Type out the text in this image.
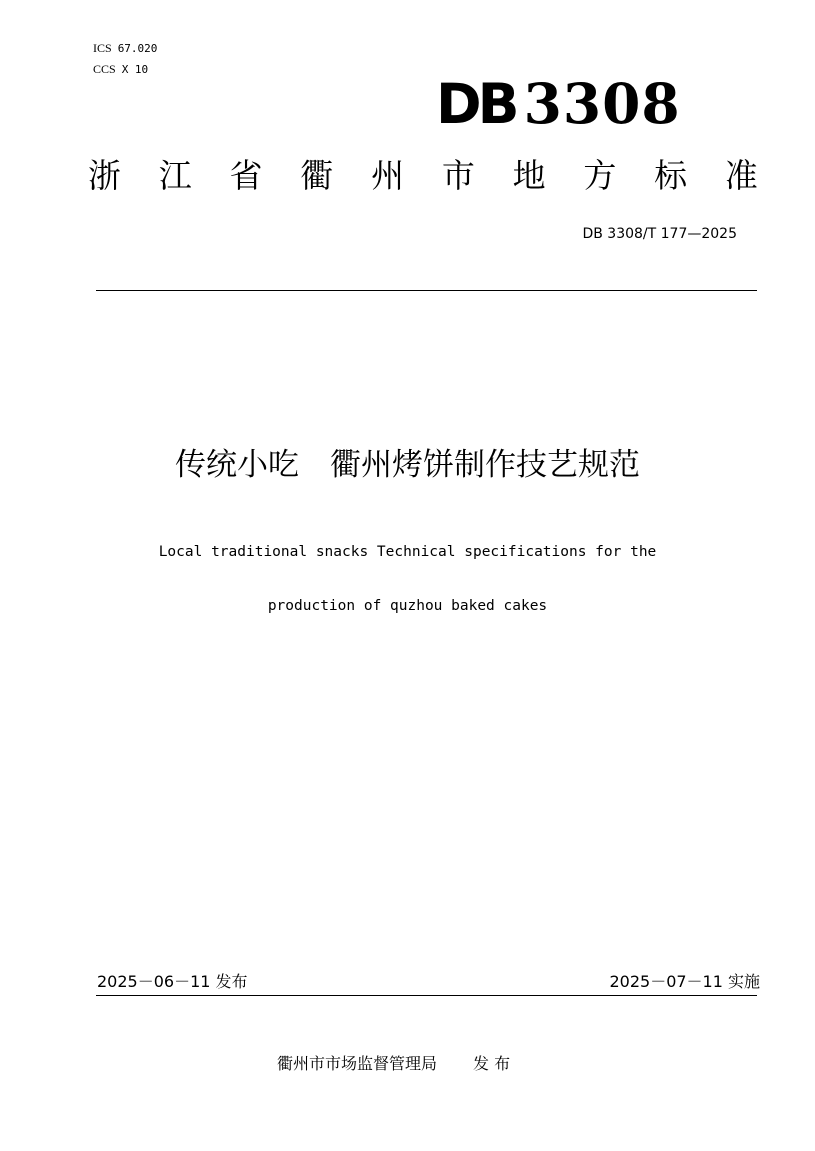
ICS 67.020
CCS X 10
DB 3308
浙 江 省 衢 州 市 地 方 标 准
DB 3308/T 177—2025
传统小吃　衢州烤饼制作技艺规范

Local traditional snacks Technical specifications for the

production of quzhou baked cakes

2025－06－11 发布	2025－07－11 实施
衢州市市场监督管理局 发 布
